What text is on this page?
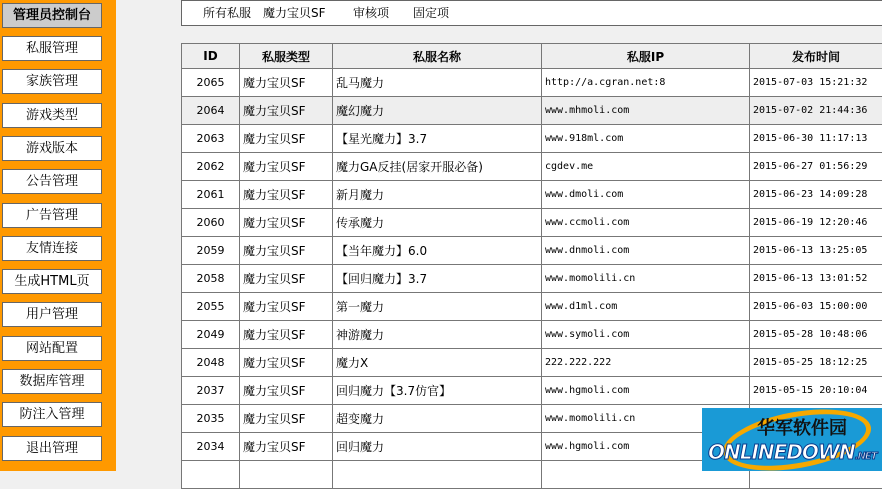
管理员控制台
私服管理
家族管理
游戏类型
游戏版本
公告管理
广告管理
友情连接
生成HTML页
用户管理
网站配置
数据库管理
防注入管理
退出管理
所有私服 魔力宝贝SF 审核项 固定项
ID	私服类型	私服名称	私服IP	发布时间
2065	魔力宝贝SF	乱马魔力	http://a.cgran.net:8	2015-07-03 15:21:32
2064	魔力宝贝SF	魔幻魔力	www.mhmoli.com	2015-07-02 21:44:36
2063	魔力宝贝SF	【星光魔力】3.7	www.918ml.com	2015-06-30 11:17:13
2062	魔力宝贝SF	魔力GA反挂(居家开服必备)	cgdev.me	2015-06-27 01:56:29
2061	魔力宝贝SF	新月魔力	www.dmoli.com	2015-06-23 14:09:28
2060	魔力宝贝SF	传承魔力	www.ccmoli.com	2015-06-19 12:20:46
2059	魔力宝贝SF	【当年魔力】6.0	www.dnmoli.com	2015-06-13 13:25:05
2058	魔力宝贝SF	【回归魔力】3.7	www.momolili.cn	2015-06-13 13:01:52
2055	魔力宝贝SF	第一魔力	www.d1ml.com	2015-06-03 15:00:00
2049	魔力宝贝SF	神游魔力	www.symoli.com	2015-05-28 10:48:06
2048	魔力宝贝SF	魔力X	222.222.222	2015-05-25 18:12:25
2037	魔力宝贝SF	回归魔力【3.7仿官】	www.hgmoli.com	2015-05-15 20:10:04
2035	魔力宝贝SF	超变魔力	www.momolili.cn	
2034	魔力宝贝SF	回归魔力	www.hgmoli.com	

华军软件园
ONLINEDOWN.NET
